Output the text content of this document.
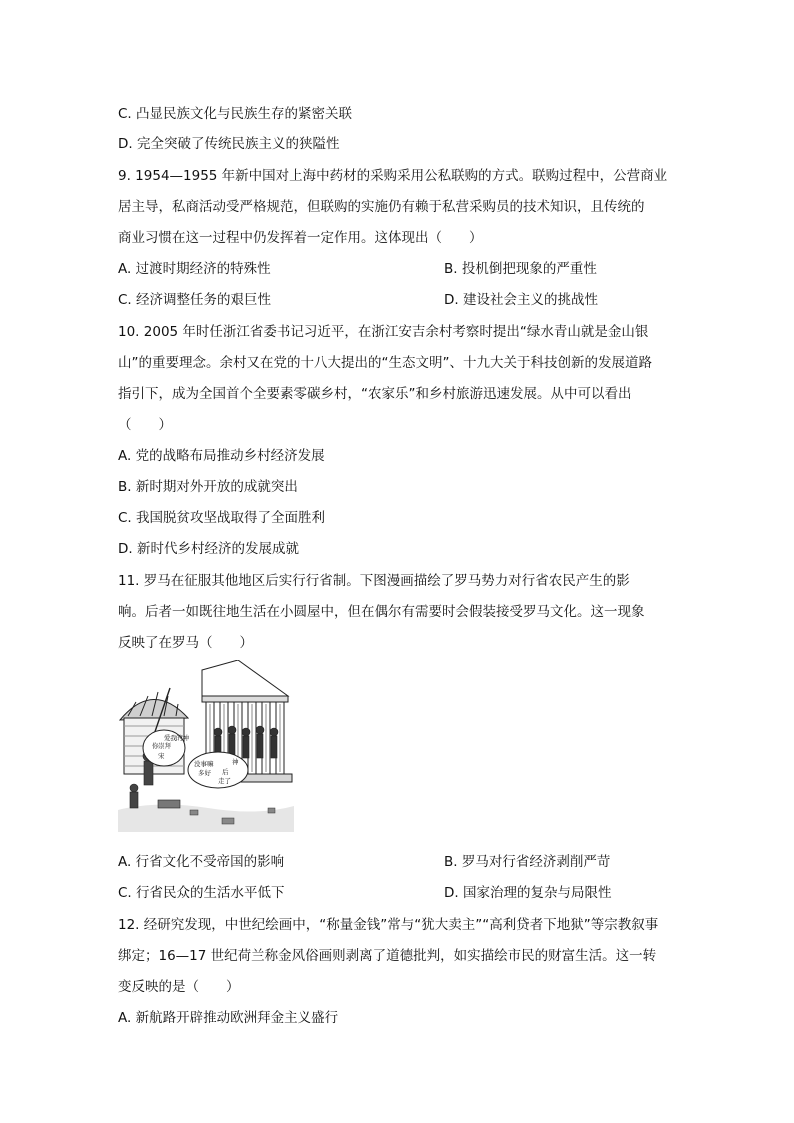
C. 凸显民族文化与民族生存的紧密关联
D. 完全突破了传统民族主义的狭隘性
9. 1954—1955 年新中国对上海中药材的采购采用公私联购的方式。联购过程中，公营商业
居主导，私商活动受严格规范，但联购的实施仍有赖于私营采购员的技术知识，且传统的
商业习惯在这一过程中仍发挥着一定作用。这体现出（　　）
A. 过渡时期经济的特殊性	B. 投机倒把现象的严重性
C. 经济调整任务的艰巨性	D. 建设社会主义的挑战性
10. 2005 年时任浙江省委书记习近平，在浙江安吉余村考察时提出“绿水青山就是金山银
山”的重要理念。余村又在党的十八大提出的“生态文明”、十九大关于科技创新的发展道路
指引下，成为全国首个全要素零碳乡村，“农家乐”和乡村旅游迅速发展。从中可以看出
（　　）
A. 党的战略布局推动乡村经济发展
B. 新时期对外开放的成就突出
C. 我国脱贫攻坚战取得了全面胜利
D. 新时代乡村经济的发展成就
11. 罗马在征服其他地区后实行行省制。下图漫画描绘了罗马势力对行省农民产生的影
响。后者一如既往地生活在小圆屋中，但在偶尔有需要时会假装接受罗马文化。这一现象
反映了在罗马（　　）
的神
我
爱
崇拜
你
宋
没事嘛
多好
神
后
走了
A. 行省文化不受帝国的影响	B. 罗马对行省经济剥削严苛
C. 行省民众的生活水平低下	D. 国家治理的复杂与局限性
12. 经研究发现，中世纪绘画中，“称量金钱”常与“犹大卖主”“高利贷者下地狱”等宗教叙事
绑定；16—17 世纪荷兰称金风俗画则剥离了道德批判，如实描绘市民的财富生活。这一转
变反映的是（　　）
A. 新航路开辟推动欧洲拜金主义盛行
